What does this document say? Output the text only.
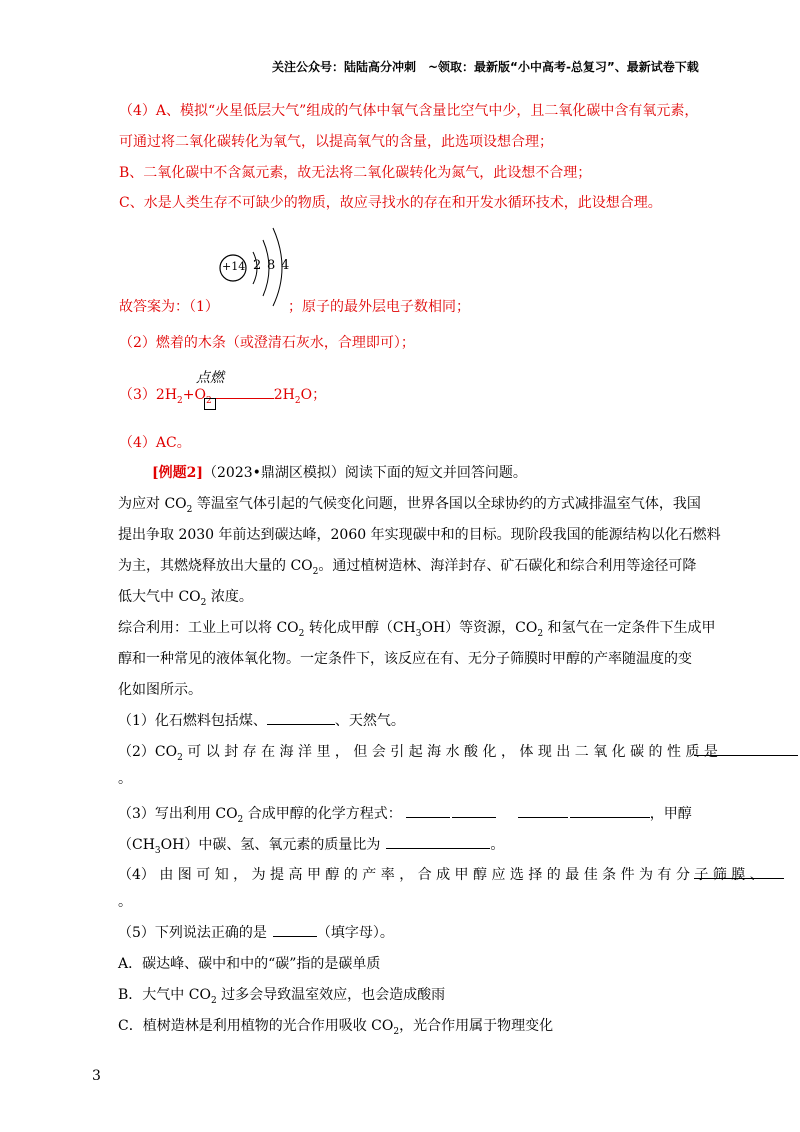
关注公众号：陆陆高分冲刺　~领取：最新版“小中高考-总复习”、最新试卷下载
（4）A、模拟“火星低层大气”组成的气体中氧气含量比空气中少，且二氧化碳中含有氧元素，
可通过将二氧化碳转化为氧气，以提高氧气的含量，此选项设想合理；
B、二氧化碳中不含氮元素，故无法将二氧化碳转化为氮气，此设想不合理；
C、水是人类生存不可缺少的物质，故应寻找水的存在和开发水循环技术，此设想合理。
+14 2 8 4
故答案为：（1）	；原子的最外层电子数相同；
（2）燃着的木条（或澄清石灰水，合理即可）；
$(3)2H_2+O_2$	$2H_2O$；
点燃
（4）AC。
[例题2]（2023•鼎湖区模拟）阅读下面的短文并回答问题。
为应对 $CO_2$ 等温室气体引起的气候变化问题，世界各国以全球协约的方式减排温室气体，我国
提出争取 2030 年前达到碳达峰，2060 年实现碳中和的目标。现阶段我国的能源结构以化石燃料
为主，其燃烧释放出大量的 $CO_2$。通过植树造林、海洋封存、矿石碳化和综合利用等途径可降
低大气中 $CO_2$ 浓度。
综合利用：工业上可以将 $CO_2$ 转化成甲醇$(CH_3OH)$等资源，$CO_2$ 和氢气在一定条件下生成甲
醇和一种常见的液体氧化物。一定条件下，该反应在有、无分子筛膜时甲醇的产率随温度的变
化如图所示。
（1）化石燃料包括煤、	、天然气。
$(2)CO_2$ 可 以 封 存 在 海 洋 里 ， 但 会 引 起 海 水 酸 化 ， 体 现 出 二 氧 化 碳 的 性 质 是
。
（3）写出利用 $CO_2$ 合成甲醇的化学方程式：	，甲醇
$(CH_3OH)$中碳、氢、氧元素的质量比为	。
（4） 由 图 可 知 ， 为 提 高 甲 醇 的 产 率 ， 合 成 甲 醇 应 选 择 的 最 佳 条 件 为 有 分 子 筛 膜 、
。
（5）下列说法正确的是	（填字母）。
A．碳达峰、碳中和中的“碳”指的是碳单质
B．大气中 $CO_2$ 过多会导致温室效应，也会造成酸雨
C．植树造林是利用植物的光合作用吸收 $CO_2$，光合作用属于物理变化
3
